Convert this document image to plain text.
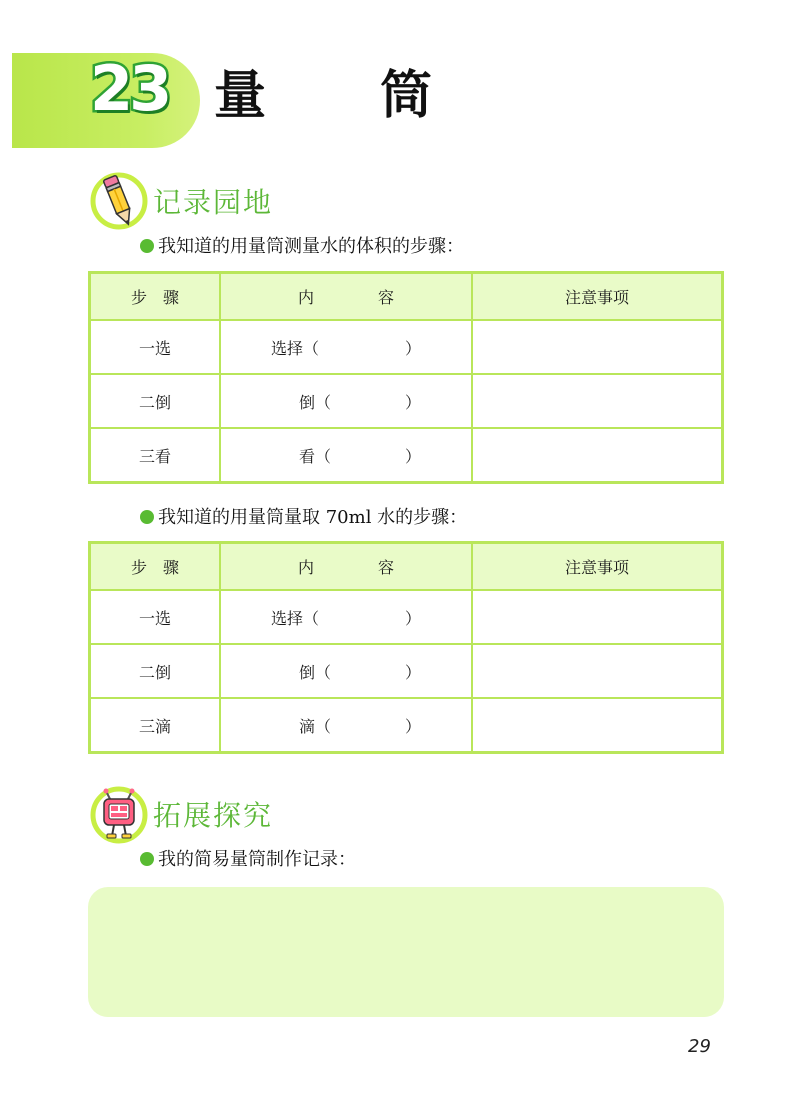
23 量 筒
记录园地
我知道的用量筒测量水的体积的步骤：
步　骤	内　　　　容	注意事项
一选	选择（ ）	

二倒	倒（ ）	

三看	看（ ）	

我知道的用量筒量取 70ml 水的步骤：
步　骤	内　　　　容	注意事项
一选	选择（ ）	

二倒	倒（ ）	

三滴	滴（ ）	

拓展探究
我的简易量筒制作记录：
29
